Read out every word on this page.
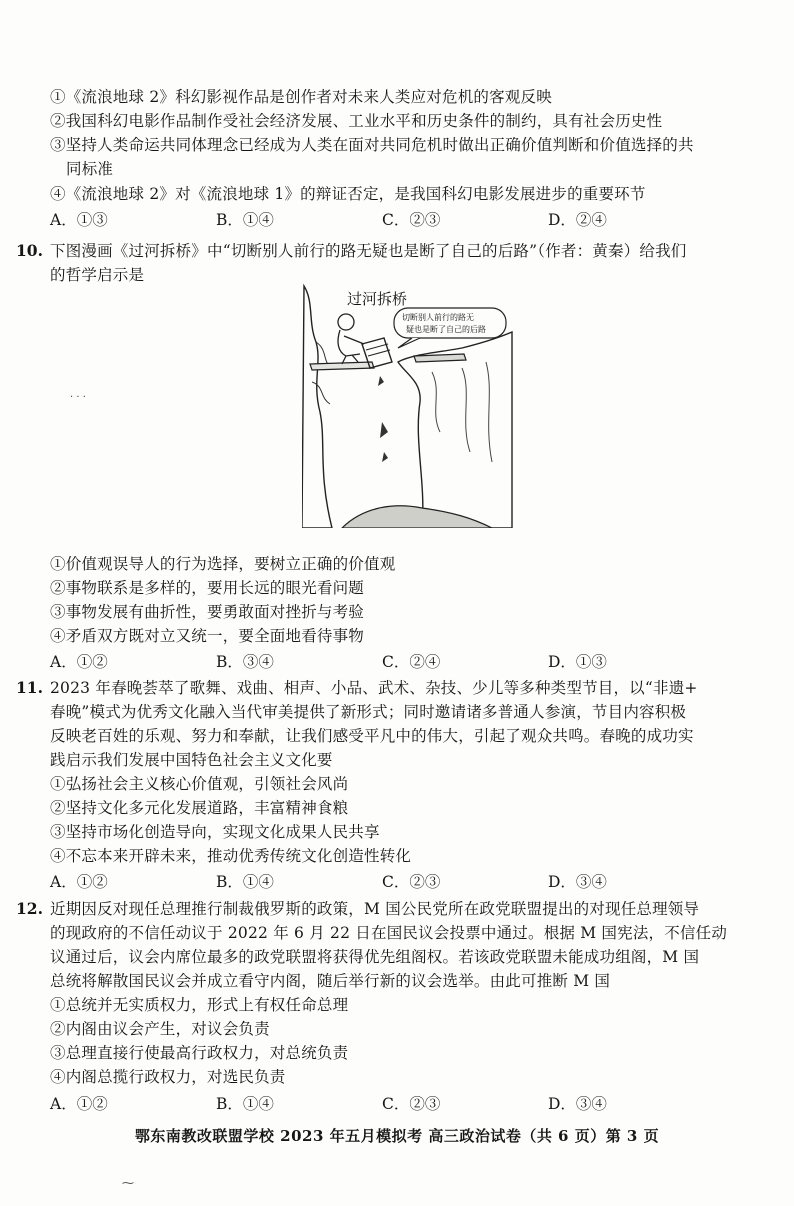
①《流浪地球 2》科幻影视作品是创作者对未来人类应对危机的客观反映
②我国科幻电影作品制作受社会经济发展、工业水平和历史条件的制约，具有社会历史性
③坚持人类命运共同体理念已经成为人类在面对共同危机时做出正确价值判断和价值选择的共
同标准
④《流浪地球 2》对《流浪地球 1》的辩证否定，是我国科幻电影发展进步的重要环节
A．①③	B．①④	C．②③	D．②④
10. 下图漫画《过河拆桥》中“切断别人前行的路无疑也是断了自己的后路”（作者：黄秦）给我们
的哲学启示是
过河拆桥
切断别人前行的路无
疑也是断了自己的后路
· · ·
①价值观误导人的行为选择，要树立正确的价值观
②事物联系是多样的，要用长远的眼光看问题
③事物发展有曲折性，要勇敢面对挫折与考验
④矛盾双方既对立又统一，要全面地看待事物
A．①②	B．③④	C．②④	D．①③
11. 2023 年春晚荟萃了歌舞、戏曲、相声、小品、武术、杂技、少儿等多种类型节目，以“非遗+
春晚”模式为优秀文化融入当代审美提供了新形式；同时邀请诸多普通人参演，节目内容积极
反映老百姓的乐观、努力和奉献，让我们感受平凡中的伟大，引起了观众共鸣。春晚的成功实
践启示我们发展中国特色社会主义文化要
①弘扬社会主义核心价值观，引领社会风尚
②坚持文化多元化发展道路，丰富精神食粮
③坚持市场化创造导向，实现文化成果人民共享
④不忘本来开辟未来，推动优秀传统文化创造性转化
A．①②	B．①④	C．②③	D．③④
12. 近期因反对现任总理推行制裁俄罗斯的政策，M 国公民党所在政党联盟提出的对现任总理领导
的现政府的不信任动议于 2022 年 6 月 22 日在国民议会投票中通过。根据 M 国宪法，不信任动
议通过后，议会内席位最多的政党联盟将获得优先组阁权。若该政党联盟未能成功组阁，M 国
总统将解散国民议会并成立看守内阁，随后举行新的议会选举。由此可推断 M 国
①总统并无实质权力，形式上有权任命总理
②内阁由议会产生，对议会负责
③总理直接行使最高行政权力，对总统负责
④内阁总揽行政权力，对选民负责
A．①②	B．①④	C．②③	D．③④
鄂东南教改联盟学校 2023 年五月模拟考 高三政治试卷（共 6 页）第 3 页
⁓
